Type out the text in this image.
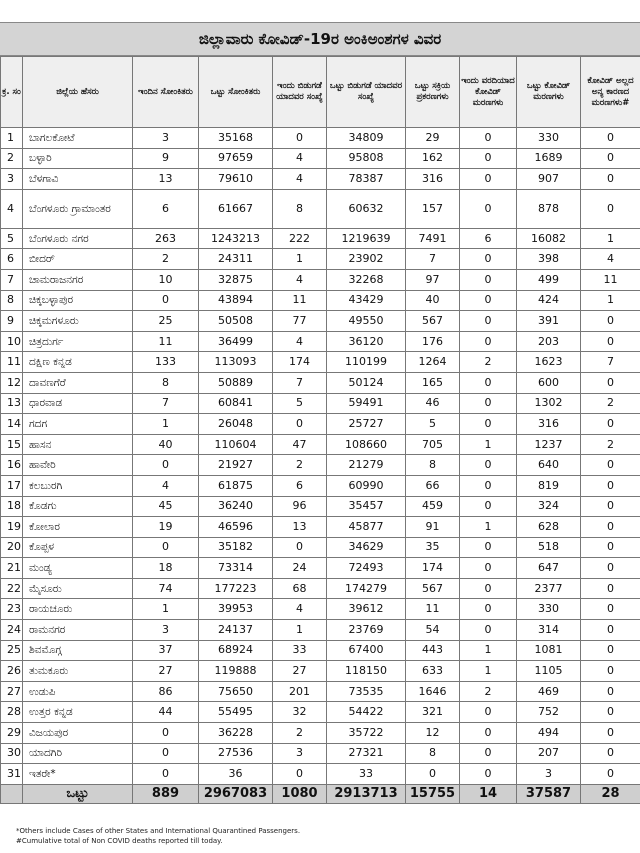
ಜಿಲ್ಲಾವಾರು ಕೋವಿಡ್-19ರ ಅಂಕಿಅಂಶಗಳ ವಿವರ
ಕ್ರ. ಸಂ	ಜಿಲ್ಲೆಯ ಹೆಸರು	ಇಂದಿನ ಸೋಂಕಿತರು	ಒಟ್ಟು ಸೋಂಕಿತರು	ಇಂದು ಬಿಡುಗಡೆ ಯಾದವರ ಸಂಖ್ಯೆ	ಒಟ್ಟು ಬಿಡುಗಡೆ ಯಾದವರ ಸಂಖ್ಯೆ	ಒಟ್ಟು ಸಕ್ರಿಯ ಪ್ರಕರಣಗಳು	ಇಂದು ವರದಿಯಾದ ಕೋವಿಡ್ ಮರಣಗಳು	ಒಟ್ಟು ಕೋವಿಡ್ ಮರಣಗಳು	ಕೋವಿಡ್ ಅಲ್ಲದ ಅನ್ಯ ಕಾರಣದ ಮರಣಗಳು#
1	ಬಾಗಲಕೋಟೆ	3	35168	0	34809	29	0	330	0
2	ಬಳ್ಳಾರಿ	9	97659	4	95808	162	0	1689	0
3	ಬೆಳಗಾವಿ	13	79610	4	78387	316	0	907	0
4	ಬೆಂಗಳೂರು ಗ್ರಾಮಾಂತರ	6	61667	8	60632	157	0	878	0
5	ಬೆಂಗಳೂರು ನಗರ	263	1243213	222	1219639	7491	6	16082	1
6	ಬೀದರ್	2	24311	1	23902	7	0	398	4
7	ಚಾಮರಾಜನಗರ	10	32875	4	32268	97	0	499	11
8	ಚಿಕ್ಕಬಳ್ಳಾಪುರ	0	43894	11	43429	40	0	424	1
9	ಚಿಕ್ಕಮಗಳೂರು	25	50508	77	49550	567	0	391	0
10	ಚಿತ್ರದುರ್ಗ	11	36499	4	36120	176	0	203	0
11	ದಕ್ಷಿಣ ಕನ್ನಡ	133	113093	174	110199	1264	2	1623	7
12	ದಾವಣಗೆರೆ	8	50889	7	50124	165	0	600	0
13	ಧಾರವಾಡ	7	60841	5	59491	46	0	1302	2
14	ಗದಗ	1	26048	0	25727	5	0	316	0
15	ಹಾಸನ	40	110604	47	108660	705	1	1237	2
16	ಹಾವೇರಿ	0	21927	2	21279	8	0	640	0
17	ಕಲಬುರಗಿ	4	61875	6	60990	66	0	819	0
18	ಕೊಡಗು	45	36240	96	35457	459	0	324	0
19	ಕೋಲಾರ	19	46596	13	45877	91	1	628	0
20	ಕೊಪ್ಪಳ	0	35182	0	34629	35	0	518	0
21	ಮಂಡ್ಯ	18	73314	24	72493	174	0	647	0
22	ಮೈಸೂರು	74	177223	68	174279	567	0	2377	0
23	ರಾಯಚೂರು	1	39953	4	39612	11	0	330	0
24	ರಾಮನಗರ	3	24137	1	23769	54	0	314	0
25	ಶಿವಮೊಗ್ಗ	37	68924	33	67400	443	1	1081	0
26	ತುಮಕೂರು	27	119888	27	118150	633	1	1105	0
27	ಉಡುಪಿ	86	75650	201	73535	1646	2	469	0
28	ಉತ್ತರ ಕನ್ನಡ	44	55495	32	54422	321	0	752	0
29	ವಿಜಯಪುರ	0	36228	2	35722	12	0	494	0
30	ಯಾದಗಿರಿ	0	27536	3	27321	8	0	207	0
31	ಇತರೇ*	0	36	0	33	0	0	3	0
	ಒಟ್ಟು	889	2967083	1080	2913713	15755	14	37587	28
*Others include Cases of other States and International Quarantined Passengers.
#Cumulative total of Non COVID deaths reported till today.
